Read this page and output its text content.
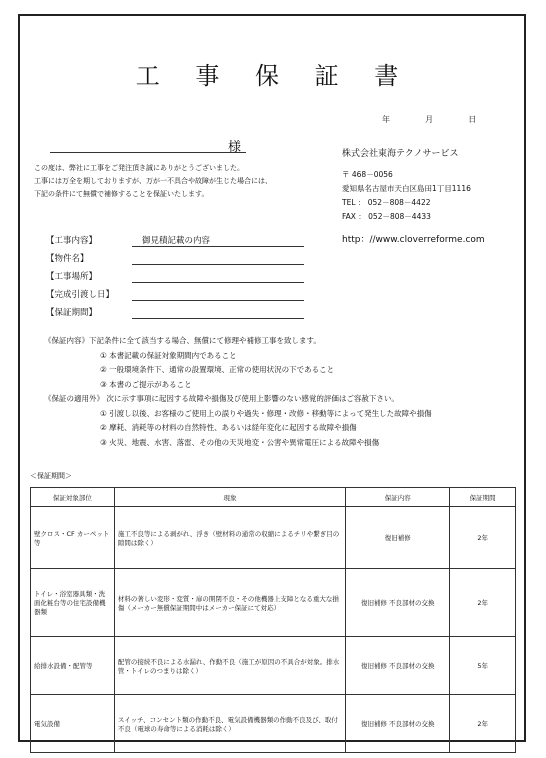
工 事 保 証 書
年	月	日
様
この度は、弊社に工事をご発注頂き誠にありがとうございました。
工事には万全を期しておりますが、万が一不具合や故障が生じた場合には、
下記の条件にて無償で補修することを保証いたします。
株式会社東海テクノサービス
〒 468－0056
愛知県名古屋市天白区島田1丁目1116
TEL ： 052－808－4422
FAX ： 052－808－4433
http：//www.cloverreforme.com
【工事内容】	御見積記載の内容
【物件名】
【工事場所】
【完成引渡し日】
【保証期間】
《保証内容》下記条件に全て該当する場合、無償にて修理や補修工事を致します。
① 本書記載の保証対象期間内であること
② 一般環境条件下、通常の設置環境、正常の使用状況の下であること
③ 本書のご提示があること
《保証の適用外》 次に示す事項に起因する故障や損傷及び使用上影響のない感覚的評価はご容赦下さい。
① 引渡し以後、お客様のご使用上の誤りや過失・修理・改修・移動等によって発生した故障や損傷
② 摩耗、消耗等の材料の自然特性、あるいは経年変化に起因する故障や損傷
③ 火災、地震、水害、落雷、その他の天災地変・公害や異常電圧による故障や損傷
＜保証期間＞
保証対象部位	現象	保証内容	保証期間
壁クロス・CF カーペット等	施工不良等による剥がれ、浮き（壁材料の通常の収縮によるチリや繋ぎ目の隙間は除く）	復旧補修	2年
トイレ・浴室器具類・洗面化粧台等の住宅設備機器類	材料の著しい変形・変質・扉の開閉不良・その他機器上支障となる重大な損傷（メーカー無償保証期間中はメーカー保証にて対応）	復旧補修 不良部材の交換	2年
給排水設備・配管等	配管の接続不良による水漏れ、作動不良（施工が原因の不具合が対象。排水管・トイレのつまりは除く）	復旧補修 不良部材の交換	5年
電気設備	スイッチ、コンセント類の作動不良、電気設備機器類の作動不良及び、取付不良（電球の寿命等による消耗は除く）	復旧補修 不良部材の交換	2年
